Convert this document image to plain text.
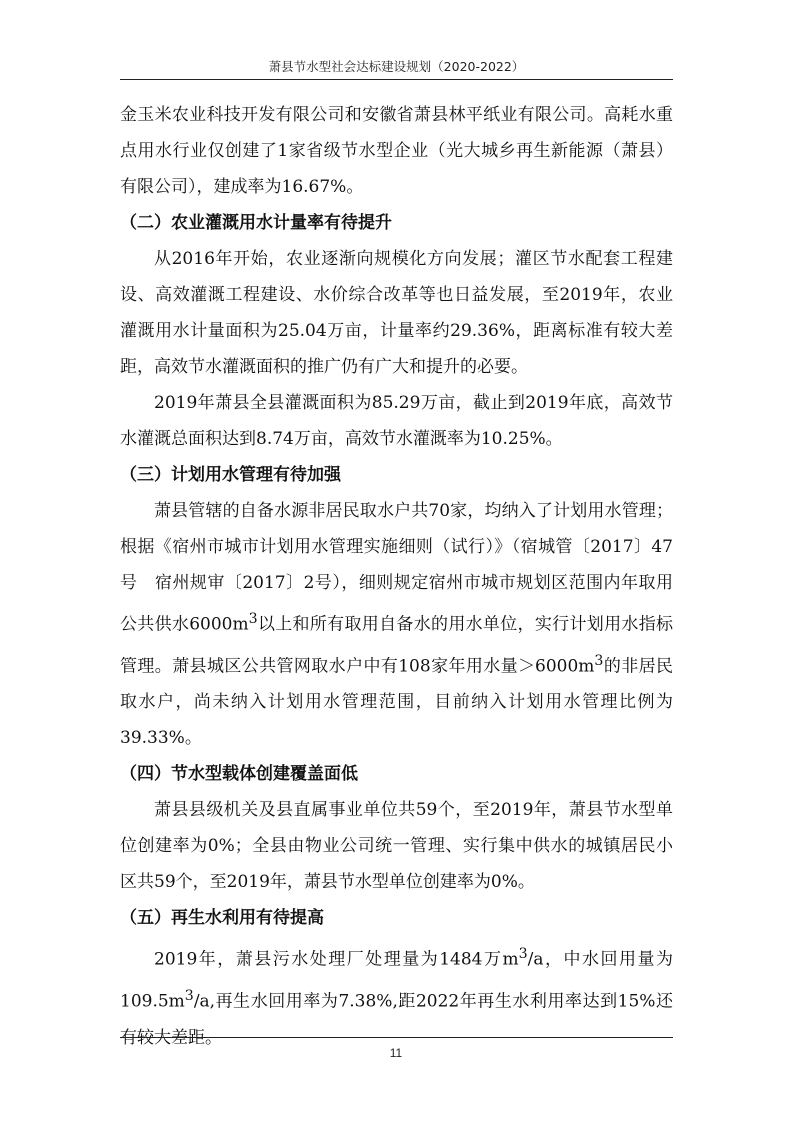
萧县节水型社会达标建设规划（2020-2022）

金玉米农业科技开发有限公司和安徽省萧县林平纸业有限公司。高耗水重点用水行业仅创建了1家省级节水型企业（光大城乡再生新能源（萧县）有限公司），建成率为16.67%。

（二）农业灌溉用水计量率有待提升

从2016年开始，农业逐渐向规模化方向发展；灌区节水配套工程建设、高效灌溉工程建设、水价综合改革等也日益发展，至2019年，农业灌溉用水计量面积为25.04万亩，计量率约29.36%，距离标准有较大差距，高效节水灌溉面积的推广仍有广大和提升的必要。

2019年萧县全县灌溉面积为85.29万亩，截止到2019年底，高效节水灌溉总面积达到8.74万亩，高效节水灌溉率为10.25%。

（三）计划用水管理有待加强

萧县管辖的自备水源非居民取水户共70家，均纳入了计划用水管理；根据《宿州市城市计划用水管理实施细则（试行）》（宿城管〔2017〕47号　宿州规审〔2017〕2号），细则规定宿州市城市规划区范围内年取用公共供水$6000m^3$以上和所有取用自备水的用水单位，实行计划用水指标管理。萧县城区公共管网取水户中有108家年用水量$>6000m^3$的非居民取水户，尚未纳入计划用水管理范围，目前纳入计划用水管理比例为39.33%。

（四）节水型载体创建覆盖面低

萧县县级机关及县直属事业单位共59个，至2019年，萧县节水型单位创建率为0%；全县由物业公司统一管理、实行集中供水的城镇居民小区共59个，至2019年，萧县节水型单位创建率为0%。

（五）再生水利用有待提高

2019年，萧县污水处理厂处理量为1484万$m^3/a$，中水回用量为$109.5m^3/a$,再生水回用率为7.38%,距2022年再生水利用率达到15%还有较大差距。

11
